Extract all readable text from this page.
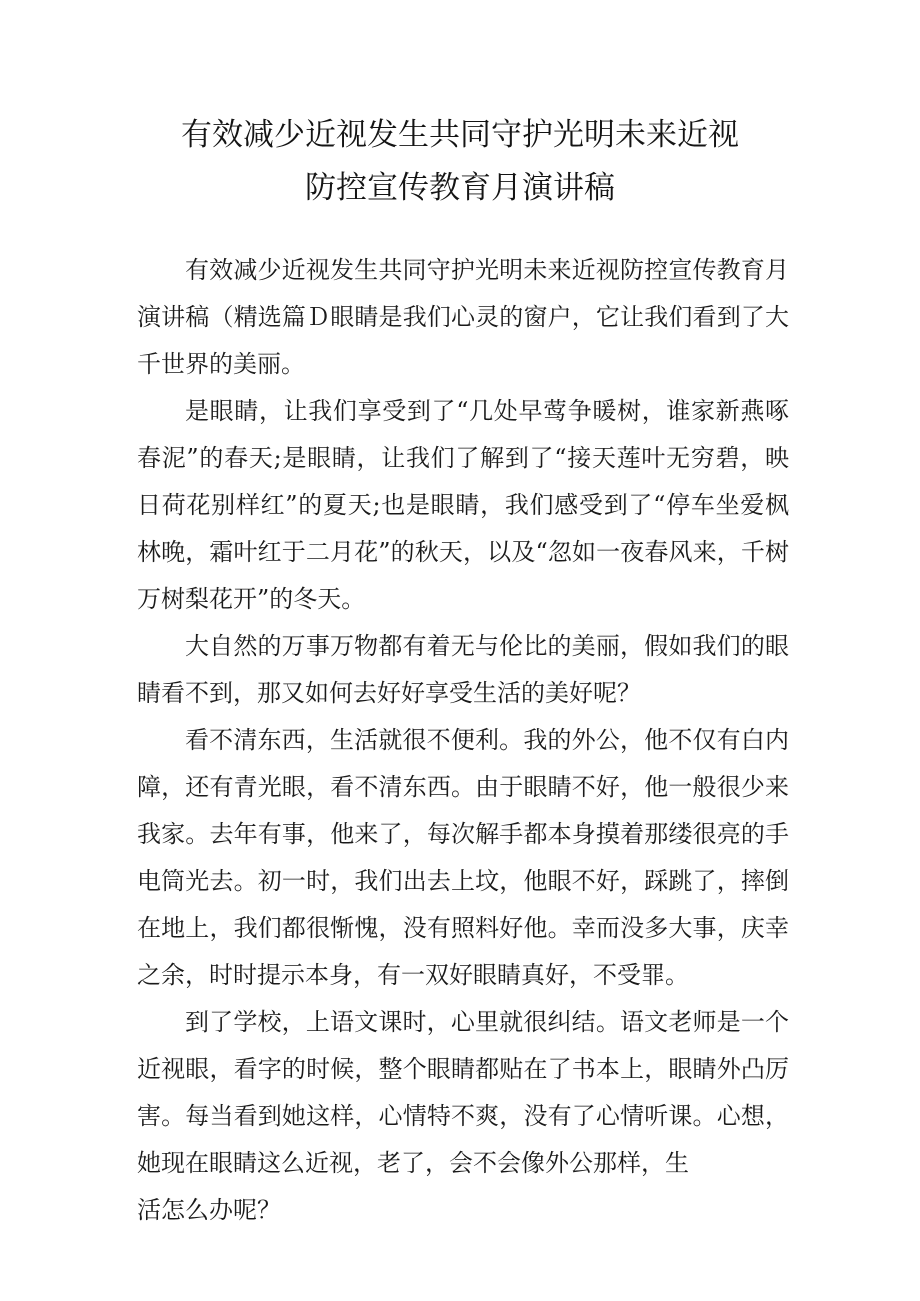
有效减少近视发生共同守护光明未来近视
防控宣传教育月演讲稿

有效减少近视发生共同守护光明未来近视防控宣传教育月演讲稿（精选篇Ｄ眼睛是我们心灵的窗户，它让我们看到了大千世界的美丽。

是眼睛，让我们享受到了“几处早莺争暖树，谁家新燕啄春泥”的春天;是眼睛，让我们了解到了“接天莲叶无穷碧，映日荷花别样红”的夏天;也是眼睛，我们感受到了“停车坐爱枫林晚，霜叶红于二月花”的秋天，以及“忽如一夜春风来，千树万树梨花开”的冬天。

大自然的万事万物都有着无与伦比的美丽，假如我们的眼睛看不到，那又如何去好好享受生活的美好呢？

看不清东西，生活就很不便利。我的外公，他不仅有白内障，还有青光眼，看不清东西。由于眼睛不好，他一般很少来我家。去年有事，他来了，每次解手都本身摸着那缕很亮的手电筒光去。初一时，我们出去上坟，他眼不好，踩跳了，摔倒在地上，我们都很惭愧，没有照料好他。幸而没多大事，庆幸之余，时时提示本身，有一双好眼睛真好，不受罪。

到了学校，上语文课时，心里就很纠结。语文老师是一个近视眼，看字的时候，整个眼睛都贴在了书本上，眼睛外凸厉害。每当看到她这样，心情特不爽，没有了心情听课。心想，她现在眼睛这么近视，老了，会不会像外公那样，生

活怎么办呢？
